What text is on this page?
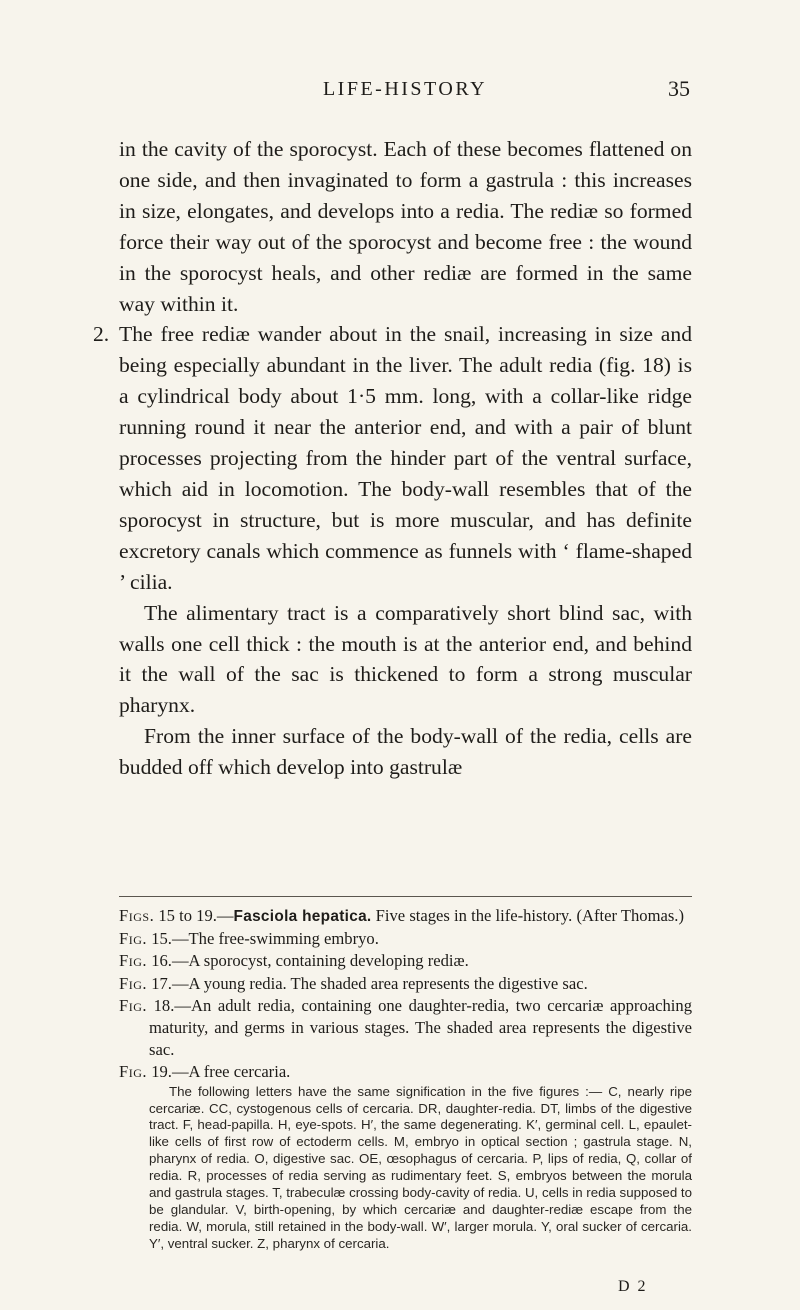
LIFE-HISTORY	35

in the cavity of the sporocyst. Each of these becomes flattened on one side, and then invaginated to form a gastrula : this increases in size, elongates, and develops into a redia. The rediæ so formed force their way out of the sporocyst and become free : the wound in the sporocyst heals, and other rediæ are formed in the same way within it.

2. The free rediæ wander about in the snail, increasing in size and being especially abundant in the liver. The adult redia (fig. 18) is a cylindrical body about 1·5 mm. long, with a collar-like ridge running round it near the anterior end, and with a pair of blunt processes projecting from the hinder part of the ventral surface, which aid in locomotion. The body-wall resembles that of the sporocyst in structure, but is more muscular, and has definite excretory canals which commence as funnels with ‘ flame-shaped ’ cilia.

The alimentary tract is a comparatively short blind sac, with walls one cell thick : the mouth is at the anterior end, and behind it the wall of the sac is thickened to form a strong muscular pharynx.

From the inner surface of the body-wall of the redia, cells are budded off which develop into gastrulæ

Figs. 15 to 19.—Fasciola hepatica. Five stages in the life-history. (After Thomas.)

Fig. 15.—The free-swimming embryo.

Fig. 16.—A sporocyst, containing developing rediæ.

Fig. 17.—A young redia. The shaded area represents the digestive sac.

Fig. 18.—An adult redia, containing one daughter-redia, two cercariæ approaching maturity, and germs in various stages. The shaded area represents the digestive sac.

Fig. 19.—A free cercaria.

The following letters have the same signification in the five figures :— C, nearly ripe cercariæ. CC, cystogenous cells of cercaria. DR, daughter-redia. DT, limbs of the digestive tract. F, head-papilla. H, eye-spots. H′, the same degenerating. K′, germinal cell. L, epaulet-like cells of first row of ectoderm cells. M, embryo in optical section ; gastrula stage. N, pharynx of redia. O, digestive sac. OE, œsophagus of cercaria. P, lips of redia, Q, collar of redia. R, processes of redia serving as rudimentary feet. S, embryos between the morula and gastrula stages. T, trabeculæ crossing body-cavity of redia. U, cells in redia supposed to be glandular. V, birth-opening, by which cercariæ and daughter-rediæ escape from the redia. W, morula, still retained in the body-wall. W′, larger morula. Y, oral sucker of cercaria. Y′, ventral sucker. Z, pharynx of cercaria.

D 2
